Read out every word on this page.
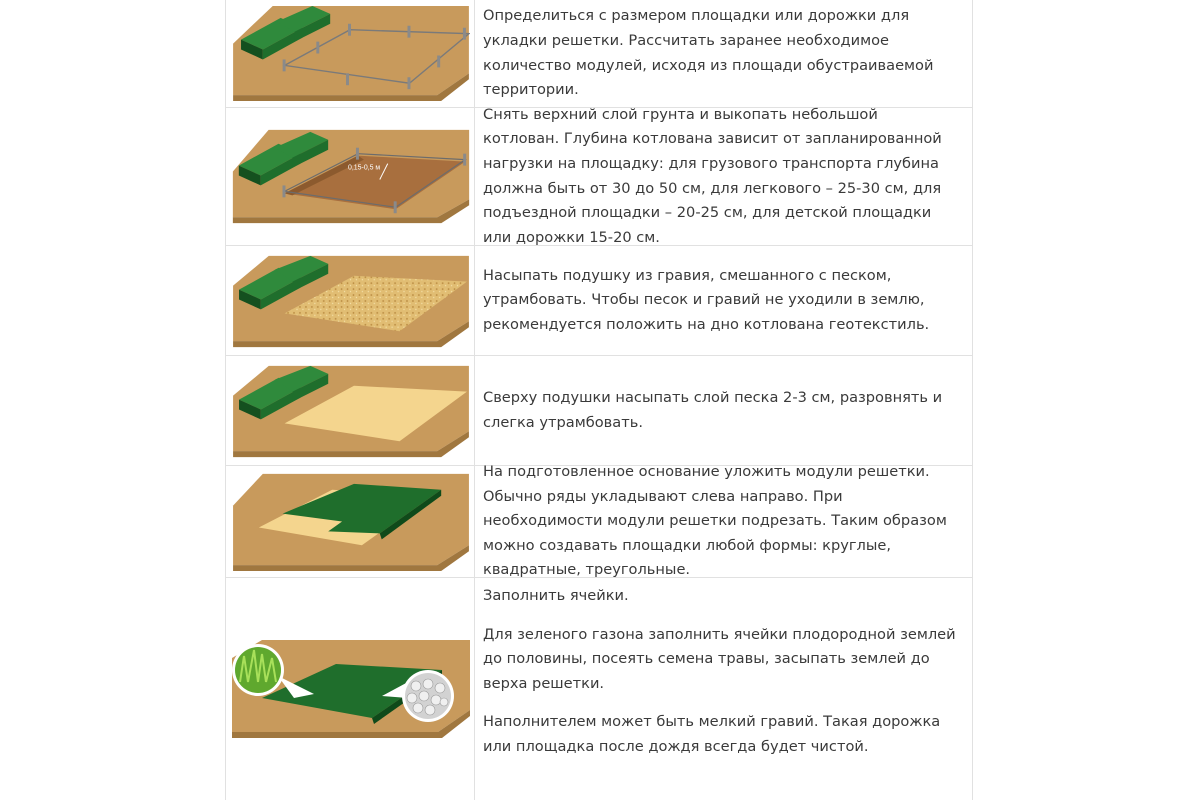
Определиться с размером площадки или дорожки для укладки решетки. Рассчитать заранее необходимое количество модулей, исходя из площади обустраиваемой территории.

0,15-0,5 м

Снять верхний слой грунта и выкопать небольшой котлован. Глубина котлована зависит от запланированной нагрузки на площадку: для грузового транспорта глубина должна быть от 30 до 50 см, для легкового – 25-30 см, для подъездной площадки – 20-25 см, для детской площадки или дорожки 15-20 см.

Насыпать подушку из гравия, смешанного с песком, утрамбовать. Чтобы песок и гравий не уходили в землю, рекомендуется положить на дно котлована геотекстиль.

Сверху подушки насыпать слой песка 2-3 см, разровнять и слегка утрамбовать.

На подготовленное основание уложить модули решетки. Обычно ряды укладывают слева направо. При необходимости модули решетки подрезать. Таким образом можно создавать площадки любой формы: круглые, квадратные, треугольные.

Заполнить ячейки.

Для зеленого газона заполнить ячейки плодородной землей до половины, посеять семена травы, засыпать землей до верха решетки.

Наполнителем может быть мелкий гравий. Такая дорожка или площадка после дождя всегда будет чистой.
